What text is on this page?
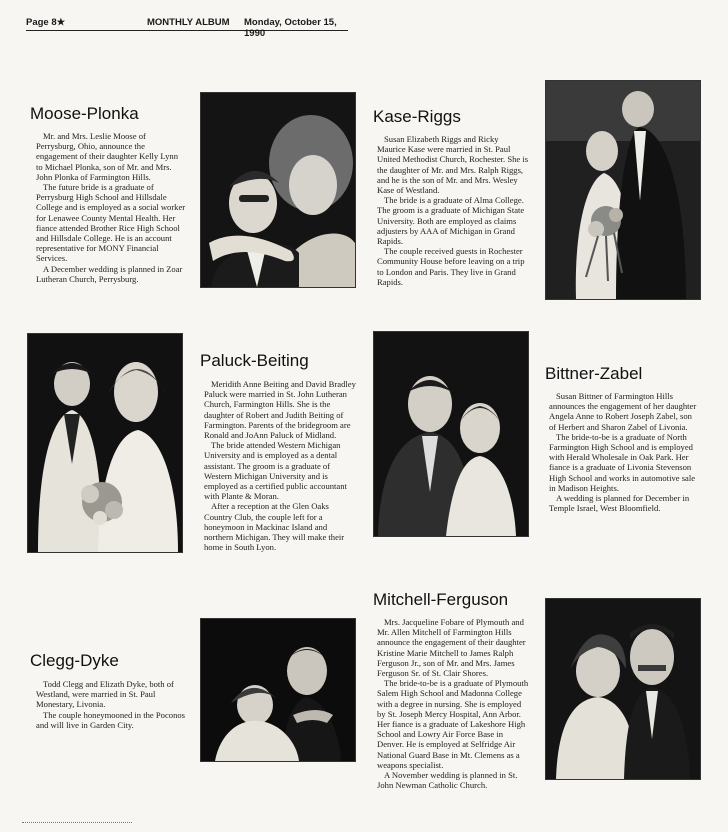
Page 8★	MONTHLY ALBUM Monday, October 15, 1990
Moose-Plonka

Mr. and Mrs. Leslie Moose of Perrysburg, Ohio, announce the engagement of their daughter Kelly Lynn to Michael Plonka, son of Mr. and Mrs. John Plonka of Farmington Hills.

The future bride is a graduate of Perrysburg High School and Hillsdale College and is employed as a social worker for Lenawee County Mental Health. Her fiance attended Brother Rice High School and Hillsdale College. He is an account representative for MONY Financial Services.

A December wedding is planned in Zoar Lutheran Church, Perrysburg.

Kase-Riggs

Susan Elizabeth Riggs and Ricky Maurice Kase were married in St. Paul United Methodist Church, Rochester. She is the daughter of Mr. and Mrs. Ralph Riggs, and he is the son of Mr. and Mrs. Wesley Kase of Westland.

The bride is a graduate of Alma College. The groom is a graduate of Michigan State University. Both are employed as claims adjusters by AAA of Michigan in Grand Rapids.

The couple received guests in Rochester Community House before leaving on a trip to London and Paris. They live in Grand Rapids.

Paluck-Beiting

Meridith Anne Beiting and David Bradley Paluck were married in St. John Lutheran Church, Farmington Hills. She is the daughter of Robert and Judith Beiting of Farmington. Parents of the bridegroom are Ronald and JoAnn Paluck of Midland.

The bride attended Western Michigan University and is employed as a dental assistant. The groom is a graduate of Western Michigan University and is employed as a certified public accountant with Plante & Moran.

After a reception at the Glen Oaks Country Club, the couple left for a honeymoon in Mackinac Island and northern Michigan. They will make their home in South Lyon.

Bittner-Zabel

Susan Bittner of Farmington Hills announces the engagement of her daughter Angela Anne to Robert Joseph Zabel, son of Herbert and Sharon Zabel of Livonia.

The bride-to-be is a graduate of North Farmington High School and is employed with Herald Wholesale in Oak Park. Her fiance is a graduate of Livonia Stevenson High School and works in automotive sale in Madison Heights.

A wedding is planned for December in Temple Israel, West Bloomfield.

Mitchell-Ferguson

Mrs. Jacqueline Fobare of Plymouth and Mr. Allen Mitchell of Farmington Hills announce the engagement of their daughter Kristine Marie Mitchell to James Ralph Ferguson Jr., son of Mr. and Mrs. James Ferguson Sr. of St. Clair Shores.

The bride-to-be is a graduate of Plymouth Salem High School and Madonna College with a degree in nursing. She is employed by St. Joseph Mercy Hospital, Ann Arbor. Her fiance is a graduate of Lakeshore High School and Lowry Air Force Base in Denver. He is employed at Selfridge Air National Guard Base in Mt. Clemens as a weapons specialist.

A November wedding is planned in St. John Newman Catholic Church.

Clegg-Dyke

Todd Clegg and Elizath Dyke, both of Westland, were married in St. Paul Monestary, Livonia.

The couple honeymooned in the Poconos and will live in Garden City.
